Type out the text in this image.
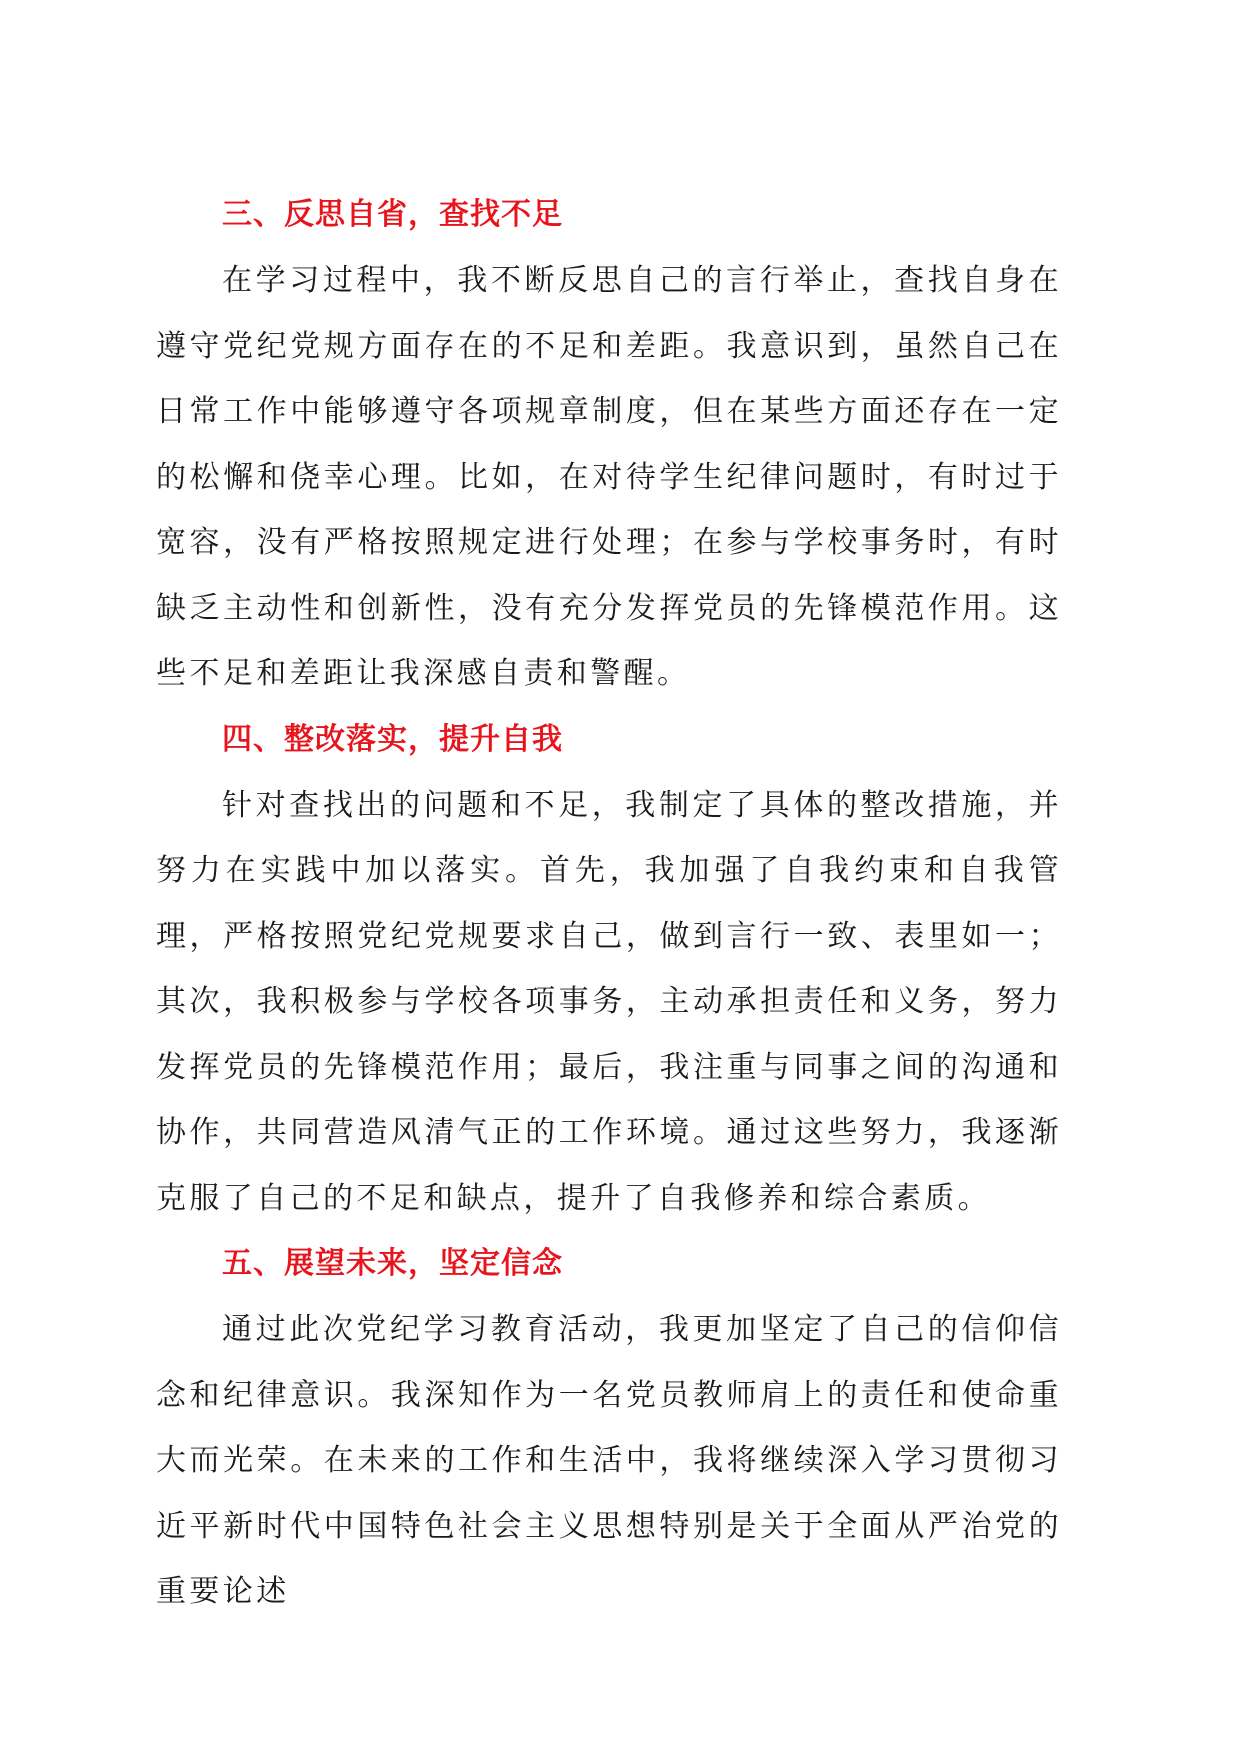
三、反思自省，查找不足

在学习过程中，我不断反思自己的言行举止，查找自身在遵守党纪党规方面存在的不足和差距。我意识到，虽然自己在日常工作中能够遵守各项规章制度，但在某些方面还存在一定的松懈和侥幸心理。比如，在对待学生纪律问题时，有时过于宽容，没有严格按照规定进行处理；在参与学校事务时，有时缺乏主动性和创新性，没有充分发挥党员的先锋模范作用。这些不足和差距让我深感自责和警醒。

四、整改落实，提升自我

针对查找出的问题和不足，我制定了具体的整改措施，并努力在实践中加以落实。首先，我加强了自我约束和自我管理，严格按照党纪党规要求自己，做到言行一致、表里如一；其次，我积极参与学校各项事务，主动承担责任和义务，努力发挥党员的先锋模范作用；最后，我注重与同事之间的沟通和协作，共同营造风清气正的工作环境。通过这些努力，我逐渐克服了自己的不足和缺点，提升了自我修养和综合素质。

五、展望未来，坚定信念

通过此次党纪学习教育活动，我更加坚定了自己的信仰信念和纪律意识。我深知作为一名党员教师肩上的责任和使命重大而光荣。在未来的工作和生活中，我将继续深入学习贯彻习近平新时代中国特色社会主义思想特别是关于全面从严治党的重要论述
